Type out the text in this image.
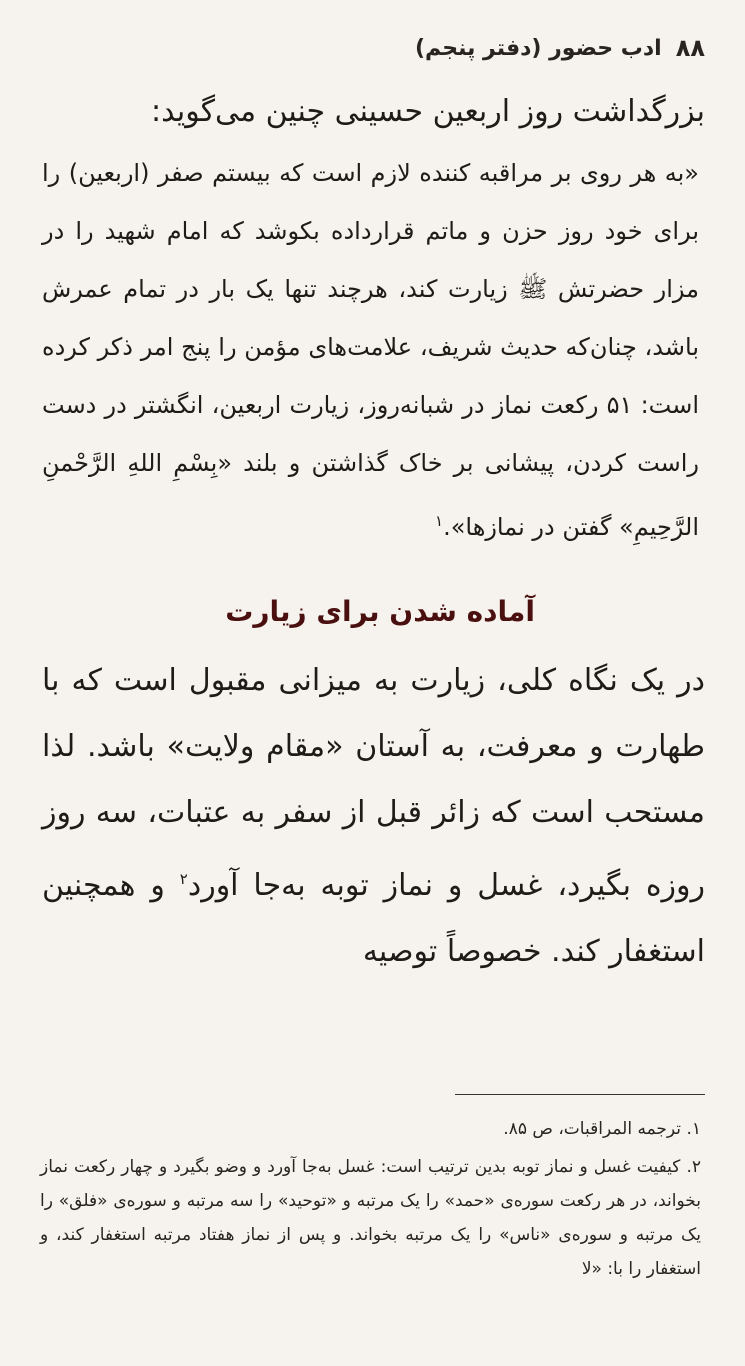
۸۸
ادب حضور (دفتر پنجم)

بزرگداشت روز اربعین حسینی چنین می‌گوید:

«به هر روی بر مراقبه کننده لازم است که بیستم صفر (اربعین) را برای خود روز حزن و ماتم قرارداده بکوشد که امام شهید را در مزار حضرتش ﷺ زیارت کند، هرچند تنها یک بار در تمام عمرش باشد، چنان‌که حدیث شریف، علامت‌های مؤمن را پنج امر ذکر کرده است: ۵۱ رکعت نماز در شبانه‌روز، زیارت اربعین، انگشتر در دست راست کردن، پیشانی بر خاک گذاشتن و بلند «بِسْمِ اللهِ الرَّحْمنِ الرَّحِيمِ» گفتن در نمازها».$^۱$

آماده شدن برای زیارت

در یک نگاه کلی، زیارت به میزانی مقبول است که با طهارت و معرفت، به آستان «مقام ولایت» باشد. لذا مستحب است که زائر قبل از سفر به عتبات، سه روز روزه بگیرد، غسل و نماز توبه به‌جا آورد$^۲$ و همچنین استغفار کند. خصوصاً توصیه

۱. ترجمه المراقبات، ص ۸۵.

۲. کیفیت غسل و نماز توبه بدین ترتیب است: غسل به‌جا آورد و وضو بگیرد و چهار رکعت نماز بخواند، در هر رکعت سوره‌ی «حمد» را یک مرتبه و «توحید» را سه مرتبه و سوره‌ی «فلق» را یک مرتبه و سوره‌ی «ناس» را یک مرتبه بخواند. و پس از نماز هفتاد مرتبه استغفار کند، و استغفار را با: «لا
